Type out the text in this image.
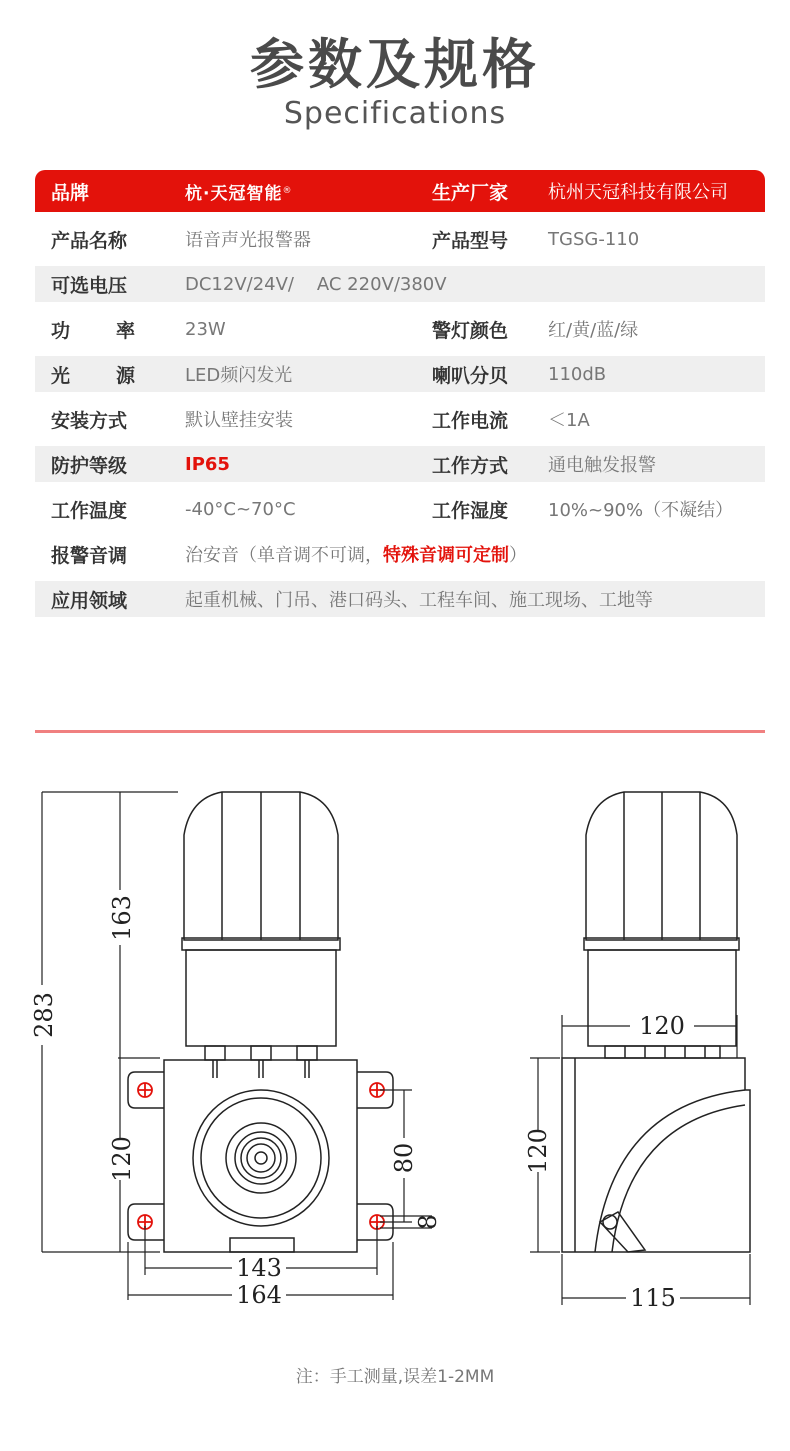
参数及规格
Specifications
品牌	杭·天冠智能 ®	生产厂家	杭州天冠科技有限公司
产品名称	语音声光报警器	产品型号	TGSG-110
可选电压	DC12V/24V/    AC 220V/380V
功 率	23W	警灯颜色	红/黄/蓝/绿
光 源	LED频闪发光	喇叭分贝	110dB
安装方式	默认壁挂安装	工作电流	＜1A
防护等级	IP65	工作方式	通电触发报警
工作温度	-40°C~70°C	工作湿度	10%~90%（不凝结）
报警音调	治安音（单音调不可调， 特殊音调可定制 ）
应用领域	起重机械、门吊、港口码头、工程车间、施工现场、工地等
283
163
120	80
8
143
164
120
120
115
注：手工测量,误差1-2MM
